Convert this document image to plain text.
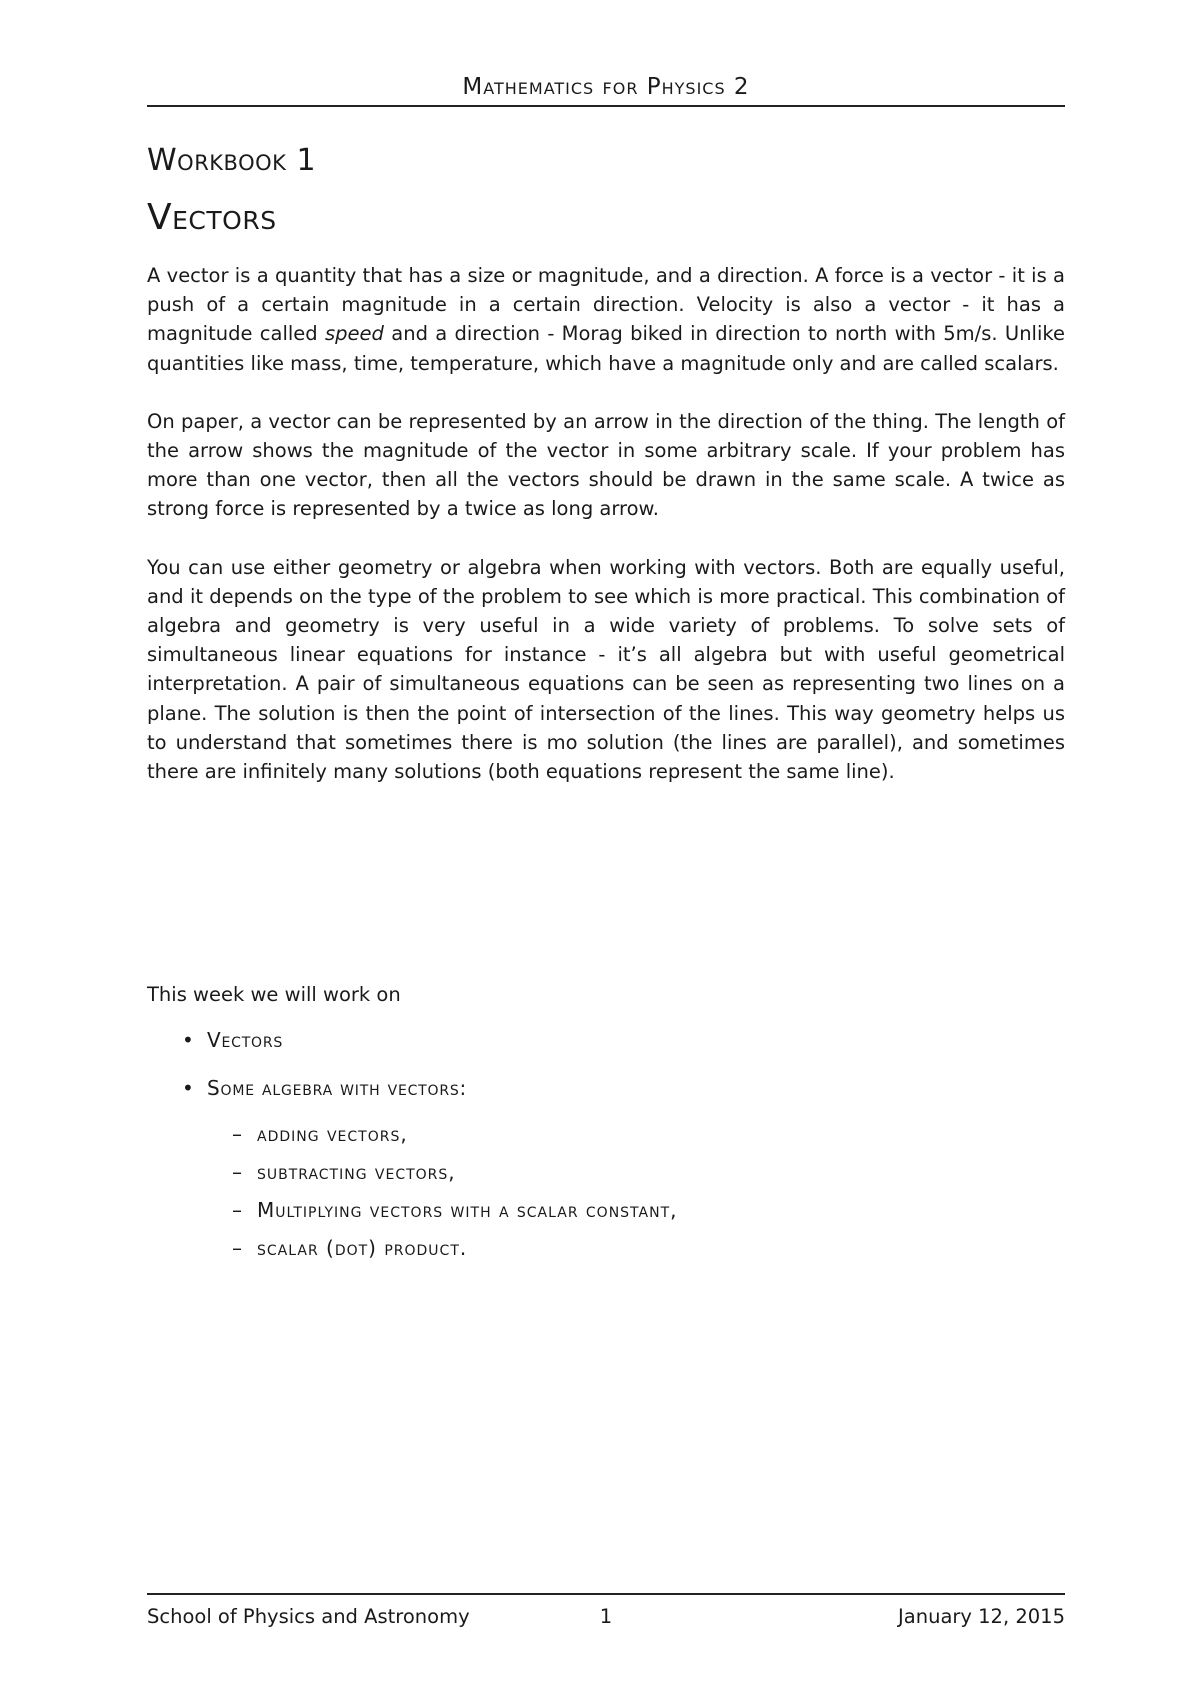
Mathematics for Physics 2
Workbook 1
Vectors

A vector is a quantity that has a size or magnitude, and a direction. A force is a vector - it is a push of a certain magnitude in a certain direction. Velocity is also a vector - it has a magnitude called speed and a direction - Morag biked in direction to north with 5m/s. Unlike quantities like mass, time, temperature, which have a magnitude only and are called scalars.

On paper, a vector can be represented by an arrow in the direction of the thing. The length of the arrow shows the magnitude of the vector in some arbitrary scale. If your problem has more than one vector, then all the vectors should be drawn in the same scale. A twice as strong force is represented by a twice as long arrow.

You can use either geometry or algebra when working with vectors. Both are equally useful, and it depends on the type of the problem to see which is more practical. This combination of algebra and geometry is very useful in a wide variety of problems. To solve sets of simultaneous linear equations for instance - it’s all algebra but with useful geometrical interpretation. A pair of simultaneous equations can be seen as representing two lines on a plane. The solution is then the point of intersection of the lines. This way geometry helps us to understand that sometimes there is mo solution (the lines are parallel), and sometimes there are infinitely many solutions (both equations represent the same line).

This week we will work on

• Vectors
• Some algebra with vectors:
– adding vectors,
– subtracting vectors,
– Multiplying vectors with a scalar constant,
– scalar (dot) product.
School of Physics and Astronomy	1	January 12, 2015
